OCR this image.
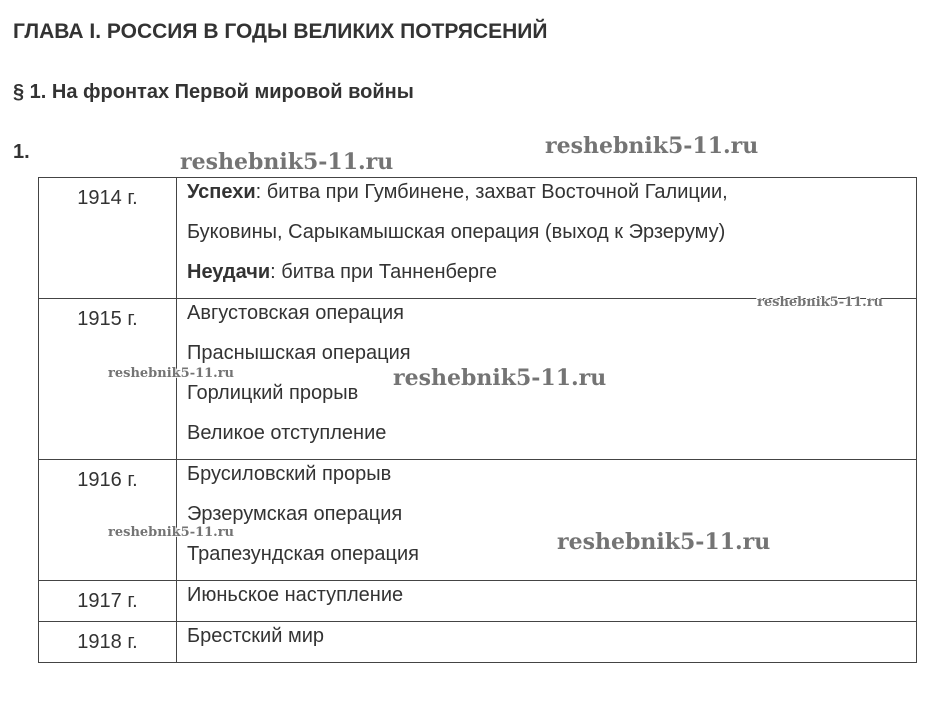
ГЛАВА I. РОССИЯ В ГОДЫ ВЕЛИКИХ ПОТРЯСЕНИЙ
§ 1. На фронтах Первой мировой войны
1.
1914 г.	Успехи: битва при Гумбинене, захват Восточной Галиции,
Буковины, Сарыкамышская операция (выход к Эрзеруму)
Неудачи: битва при Танненберге

1915 г.	Августовская операция
Праснышская операция
Горлицкий прорыв
Великое отступление

1916 г.	Брусиловский прорыв
Эрзерумская операция
Трапезундская операция

1917 г.	Июньское наступление

1918 г.	Брестский мир
reshebnik5-11.ru
reshebnik5-11.ru
reshebnik5-11.ru
reshebnik5-11.ru	reshebnik5-11.ru
reshebnik5-11.ru	reshebnik5-11.ru
